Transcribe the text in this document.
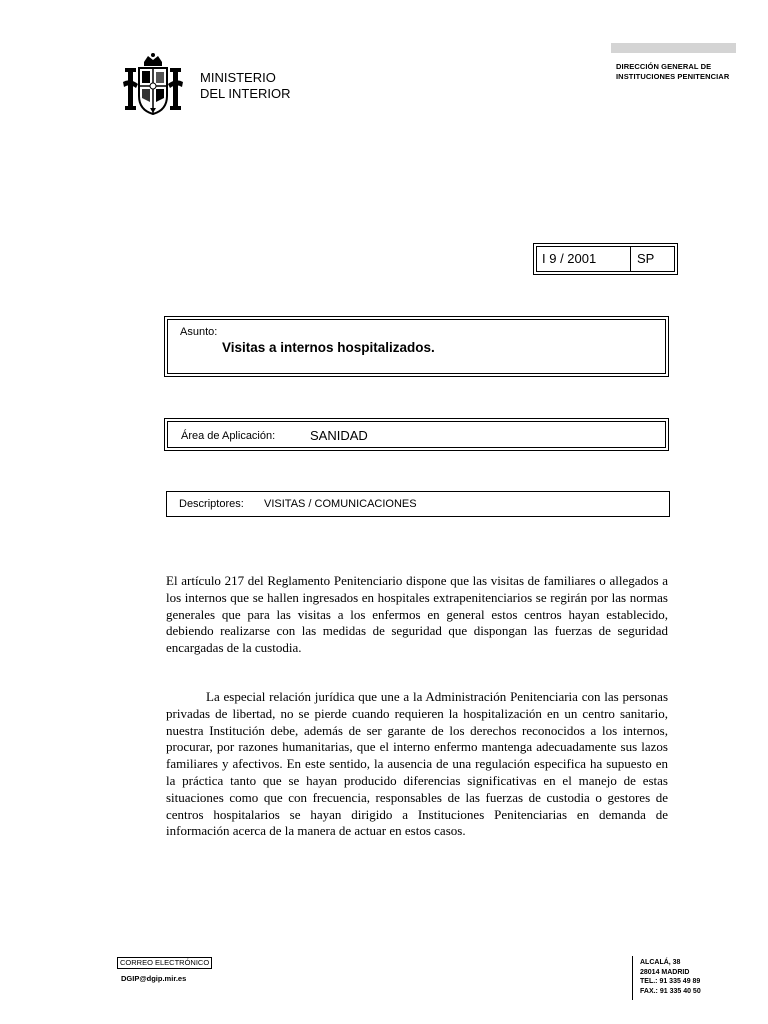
MINISTERIO
DEL INTERIOR
DIRECCIÓN GENERAL DE
INSTITUCIONES PENITENCIAR
I 9 / 2001	SP
Asunto:
Visitas a internos hospitalizados.
Área de Aplicación:	SANIDAD
Descriptores: VISITAS / COMUNICACIONES
El artículo 217 del Reglamento Penitenciario dispone que las visitas de familiares o allegados a los internos que se hallen ingresados en hospitales extrapenitenciarios se regirán por las normas generales que para las visitas a los enfermos en general estos centros hayan establecido, debiendo realizarse con las medidas de seguridad que dispongan las fuerzas de seguridad encargadas de la custodia.
La especial relación jurídica que une a la Administración Penitenciaria con las personas privadas de libertad, no se pierde cuando requieren la hospitalización en un centro sanitario, nuestra Institución debe, además de ser garante de los derechos reconocidos a los internos, procurar, por razones humanitarias, que el interno enfermo mantenga adecuadamente sus lazos familiares y afectivos. En este sentido, la ausencia de una regulación especifica ha supuesto en la práctica tanto que se hayan producido diferencias significativas en el manejo de estas situaciones como que con frecuencia, responsables de las fuerzas de custodia o gestores de centros hospitalarios se hayan dirigido a Instituciones Penitenciarias en demanda de información acerca de la manera de actuar en estos casos.
CORREO ELECTRÓNICO
DGIP@dgip.mir.es
ALCALÁ, 38
28014 MADRID
TEL.: 91 335 49 89
FAX.: 91 335 40 50
